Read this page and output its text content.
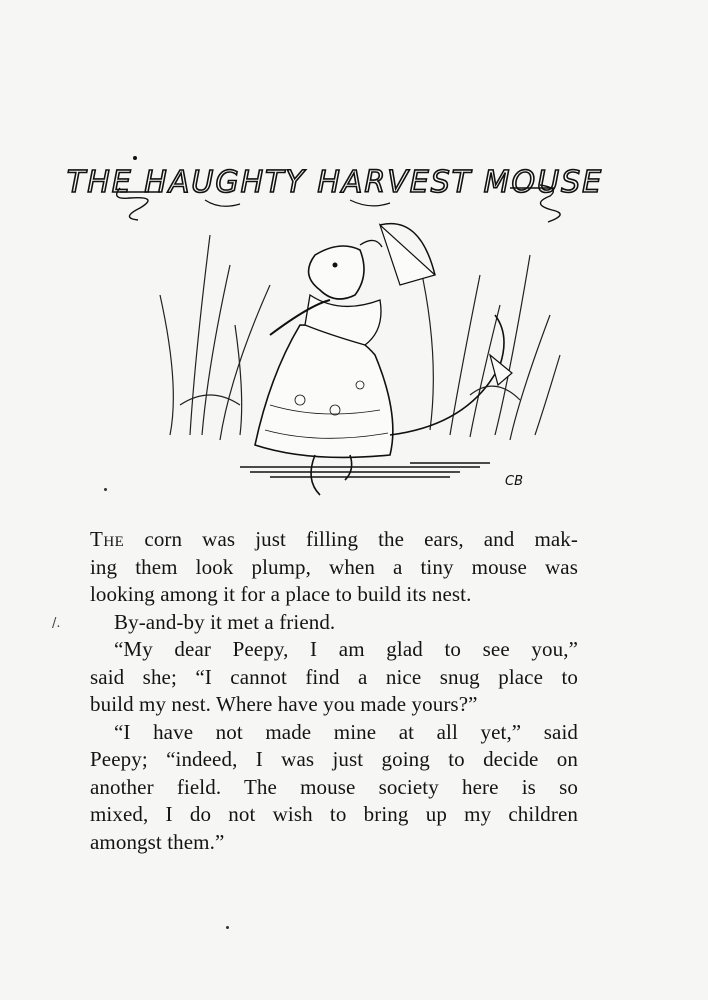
THE HAUGHTY HARVEST MOUSE
CB
/.

The corn was just filling the ears, and mak-
ing them look plump, when a tiny mouse was
looking among it for a place to build its nest.

By-and-by it met a friend.

“My dear Peepy, I am glad to see you,”
said she; “I cannot find a nice snug place to
build my nest. Where have you made yours?”

“I have not made mine at all yet,” said
Peepy; “indeed, I was just going to decide on
another field. The mouse society here is so
mixed, I do not wish to bring up my children
amongst them.”
